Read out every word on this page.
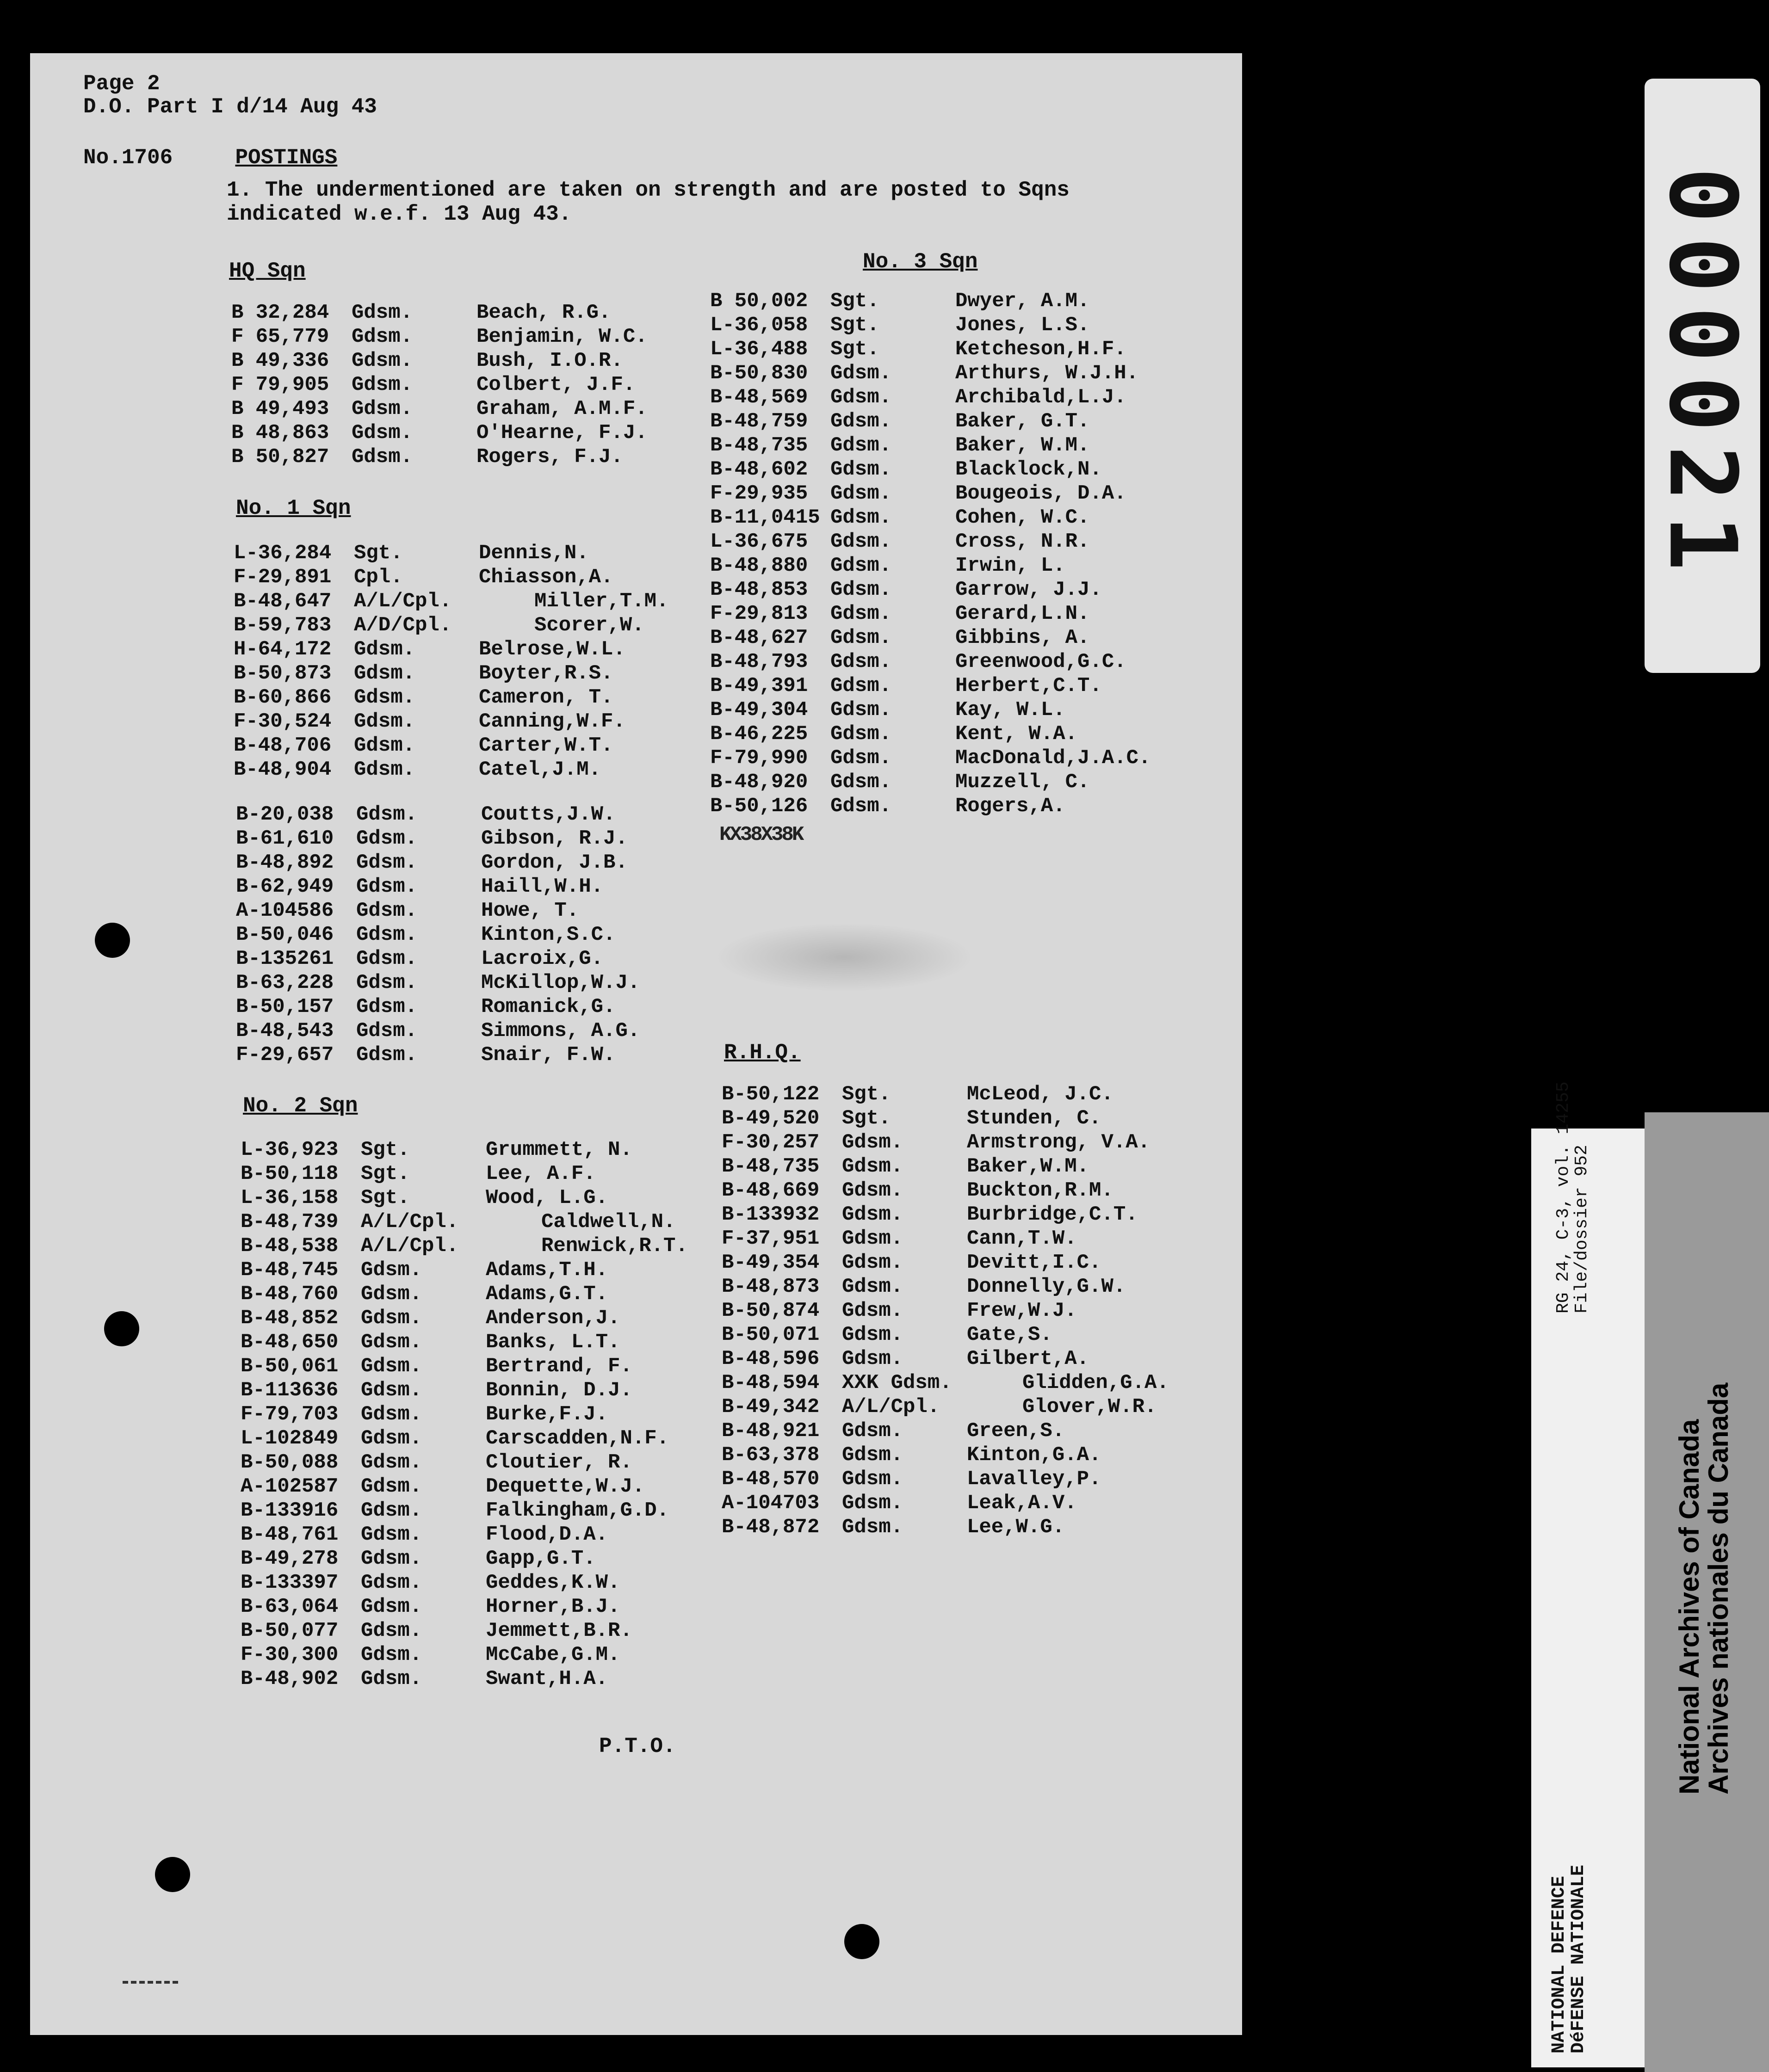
Page 2
D.O. Part I d/14 Aug 43
No.1706	POSTINGS
1. The undermentioned are taken on strength and are posted to Sqns indicated w.e.f. 13 Aug 43.
HQ Sqn
B 32,284	Gdsm.	Beach, R.G.
F 65,779	Gdsm.	Benjamin, W.C.
B 49,336	Gdsm.	Bush, I.O.R.
F 79,905	Gdsm.	Colbert, J.F.
B 49,493	Gdsm.	Graham, A.M.F.
B 48,863	Gdsm.	O'Hearne, F.J.
B 50,827	Gdsm.	Rogers, F.J.
No. 1 Sqn
L-36,284	Sgt.	Dennis,N.
F-29,891	Cpl.	Chiasson,A.
B-48,647	A/L/Cpl.	Miller,T.M.
B-59,783	A/D/Cpl.	Scorer,W.
H-64,172	Gdsm.	Belrose,W.L.
B-50,873	Gdsm.	Boyter,R.S.
B-60,866	Gdsm.	Cameron, T.
F-30,524	Gdsm.	Canning,W.F.
B-48,706	Gdsm.	Carter,W.T.
B-48,904	Gdsm.	Catel,J.M.
B-20,038	Gdsm.	Coutts,J.W.
B-61,610	Gdsm.	Gibson, R.J.
B-48,892	Gdsm.	Gordon, J.B.
B-62,949	Gdsm.	Haill,W.H.
A-104586	Gdsm.	Howe, T.
B-50,046	Gdsm.	Kinton,S.C.
B-135261	Gdsm.	Lacroix,G.
B-63,228	Gdsm.	McKillop,W.J.
B-50,157	Gdsm.	Romanick,G.
B-48,543	Gdsm.	Simmons, A.G.
F-29,657	Gdsm.	Snair, F.W.
No. 2 Sqn
L-36,923	Sgt.	Grummett, N.
B-50,118	Sgt.	Lee, A.F.
L-36,158	Sgt.	Wood, L.G.
B-48,739	A/L/Cpl.	Caldwell,N.
B-48,538	A/L/Cpl.	Renwick,R.T.
B-48,745	Gdsm.	Adams,T.H.
B-48,760	Gdsm.	Adams,G.T.
B-48,852	Gdsm.	Anderson,J.
B-48,650	Gdsm.	Banks, L.T.
B-50,061	Gdsm.	Bertrand, F.
B-113636	Gdsm.	Bonnin, D.J.
F-79,703	Gdsm.	Burke,F.J.
L-102849	Gdsm.	Carscadden,N.F.
B-50,088	Gdsm.	Cloutier, R.
A-102587	Gdsm.	Dequette,W.J.
B-133916	Gdsm.	Falkingham,G.D.
B-48,761	Gdsm.	Flood,D.A.
B-49,278	Gdsm.	Gapp,G.T.
B-133397	Gdsm.	Geddes,K.W.
B-63,064	Gdsm.	Horner,B.J.
B-50,077	Gdsm.	Jemmett,B.R.
F-30,300	Gdsm.	McCabe,G.M.
B-48,902	Gdsm.	Swant,H.A.
No. 3 Sqn
B 50,002	Sgt.	Dwyer, A.M.
L-36,058	Sgt.	Jones, L.S.
L-36,488	Sgt.	Ketcheson,H.F.
B-50,830	Gdsm.	Arthurs, W.J.H.
B-48,569	Gdsm.	Archibald,L.J.
B-48,759	Gdsm.	Baker, G.T.
B-48,735	Gdsm.	Baker, W.M.
B-48,602	Gdsm.	Blacklock,N.
F-29,935	Gdsm.	Bougeois, D.A.
B-11,0415 Gdsm.	Cohen, W.C.
L-36,675	Gdsm.	Cross, N.R.
B-48,880	Gdsm.	Irwin, L.
B-48,853	Gdsm.	Garrow, J.J.
F-29,813	Gdsm.	Gerard,L.N.
B-48,627	Gdsm.	Gibbins, A.
B-48,793	Gdsm.	Greenwood,G.C.
B-49,391	Gdsm.	Herbert,C.T.
B-49,304	Gdsm.	Kay, W.L.
B-46,225	Gdsm.	Kent, W.A.
F-79,990	Gdsm.	MacDonald,J.A.C.
B-48,920	Gdsm.	Muzzell, C.
B-50,126	Gdsm.	Rogers,A.
KX38X38K
R.H.Q.
B-50,122	Sgt.	McLeod, J.C.
B-49,520	Sgt.	Stunden, C.
F-30,257	Gdsm.	Armstrong, V.A.
B-48,735	Gdsm.	Baker,W.M.
B-48,669	Gdsm.	Buckton,R.M.
B-133932	Gdsm.	Burbridge,C.T.
F-37,951	Gdsm.	Cann,T.W.
B-49,354	Gdsm.	Devitt,I.C.
B-48,873	Gdsm.	Donnelly,G.W.
B-50,874	Gdsm.	Frew,W.J.
B-50,071	Gdsm.	Gate,S.
B-48,596	Gdsm.	Gilbert,A.
B-48,594	XXK Gdsm.	Glidden,G.A.
B-49,342	A/L/Cpl.	Glover,W.R.
B-48,921	Gdsm.	Green,S.
B-63,378	Gdsm.	Kinton,G.A.
B-48,570	Gdsm.	Lavalley,P.
A-104703	Gdsm.	Leak,A.V.
B-48,872	Gdsm.	Lee,W.G.
P.T.O.
000021
RG 24, C-3, vol. 14255
File/dossier 952
NATIONAL DEFENCE
DéFENSE NATIONALE
National Archives of Canada
Archives nationales du Canada
